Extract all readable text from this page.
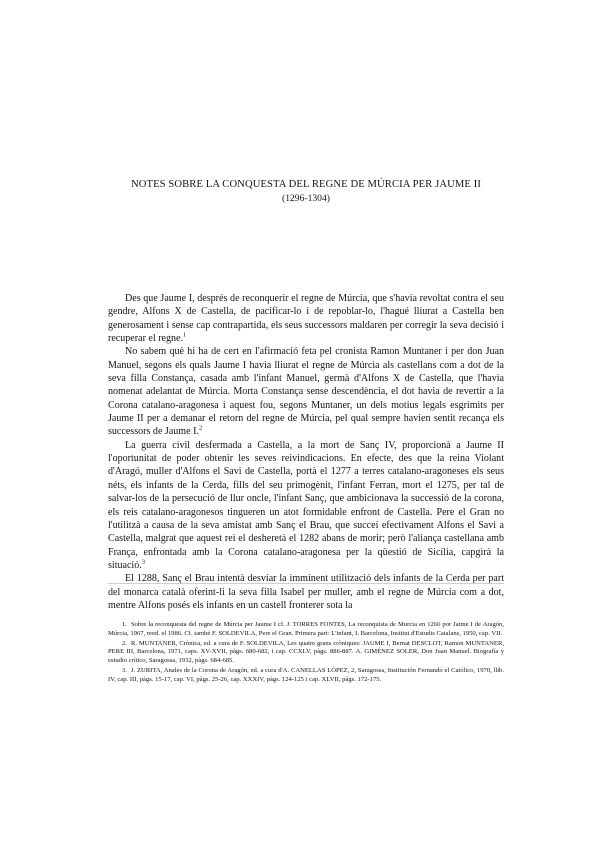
NOTES SOBRE LA CONQUESTA DEL REGNE DE MÚRCIA PER JAUME II
(1296-1304)

Des que Jaume I, després de reconquerir el regne de Múrcia, que s'havia revoltat contra el seu gendre, Alfons X de Castella, de pacificar-lo i de repoblar-lo, l'hagué lliurat a Castella ben generosament i sense cap contrapartida, els seus successors maldaren per corregir la seva decisió i recuperar el regne.$^1$

No sabem què hi ha de cert en l'afirmació feta pel cronista Ramon Muntaner i per don Juan Manuel, segons els quals Jaume I havia lliurat el regne de Múrcia als castellans com a dot de la seva filla Constança, casada amb l'infant Manuel, germà d'Alfons X de Castella, que l'havia nomenat adelantat de Múrcia. Morta Constança sense descendència, el dot havia de revertir a la Corona catalano-aragonesa i aquest fou, segons Muntaner, un dels motius legals esgrimits per Jaume II per a demanar el retorn del regne de Múrcia, pel qual sempre havien sentit recança els successors de Jaume I.$^2$

La guerra civil desfermada a Castella, a la mort de Sanç IV, proporcionà a Jaume II l'oportunitat de poder obtenir les seves reivindicacions. En efecte, des que la reina Violant d'Aragó, muller d'Alfons el Savi de Castella, portà el 1277 a terres catalano-aragoneses els seus néts, els infants de la Cerda, fills del seu primogènit, l'infant Ferran, mort el 1275, per tal de salvar-los de la persecució de llur oncle, l'infant Sanç, que ambicionava la successió de la corona, els reis catalano-aragonesos tingueren un atot formidable enfront de Castella. Pere el Gran no l'utilitzà a causa de la seva amistat amb Sanç el Brau, que succeí efectivament Alfons el Savi a Castella, malgrat que aquest rei el desheretà el 1282 abans de morir; però l'aliança castellana amb França, enfrontada amb la Corona catalano-aragonesa per la qüestió de Sicília, capgirà la situació.$^3$

El 1288, Sanç el Brau intentà desviar la imminent utilització dels infants de la Cerda per part del monarca català oferint-li la seva filla Isabel per muller, amb el regne de Múrcia com a dot, mentre Alfons posés els infants en un castell fronterer sota la

1. Sobre la reconquesta del regne de Múrcia per Jaume I cf. J. TORRES FONTES, La reconquista de Murcia en 1266 por Jaime I de Aragón, Múrcia, 1967, reed. el 1986. Cf. també F. SOLDEVILA, Pere el Gran. Primera part: L'infant, I. Barcelona, Institut d'Estudis Catalans, 1950, cap. VII.

2. R. MUNTANER, Crònica, ed. a cura de F. SOLDEVILA, Les quatre grans cròniques: JAUME I, Bernat DESCLOT, Ramon MUNTANER, PERE III, Barcelona, 1971, caps. XV-XVII, pàgs. 680-682, i cap. CCXLV, pàgs. 886-887. A. GIMÉNEZ SOLER, Don Juan Manuel. Biografía y estudio crítico, Saragossa, 1932, pàgs. 684-685.

3. J. ZURITA, Anales de la Corona de Aragón, ed. a cura d'A. CANELLAS LÓPEZ, 2, Saragossa, Institución Fernando el Católico, 1970, llib. IV, cap. III, pàgs. 15-17, cap. VI, pàgs. 25-26, cap. XXXIV, pàgs. 124-125 i cap. XLVII, pàgs. 172-175.
